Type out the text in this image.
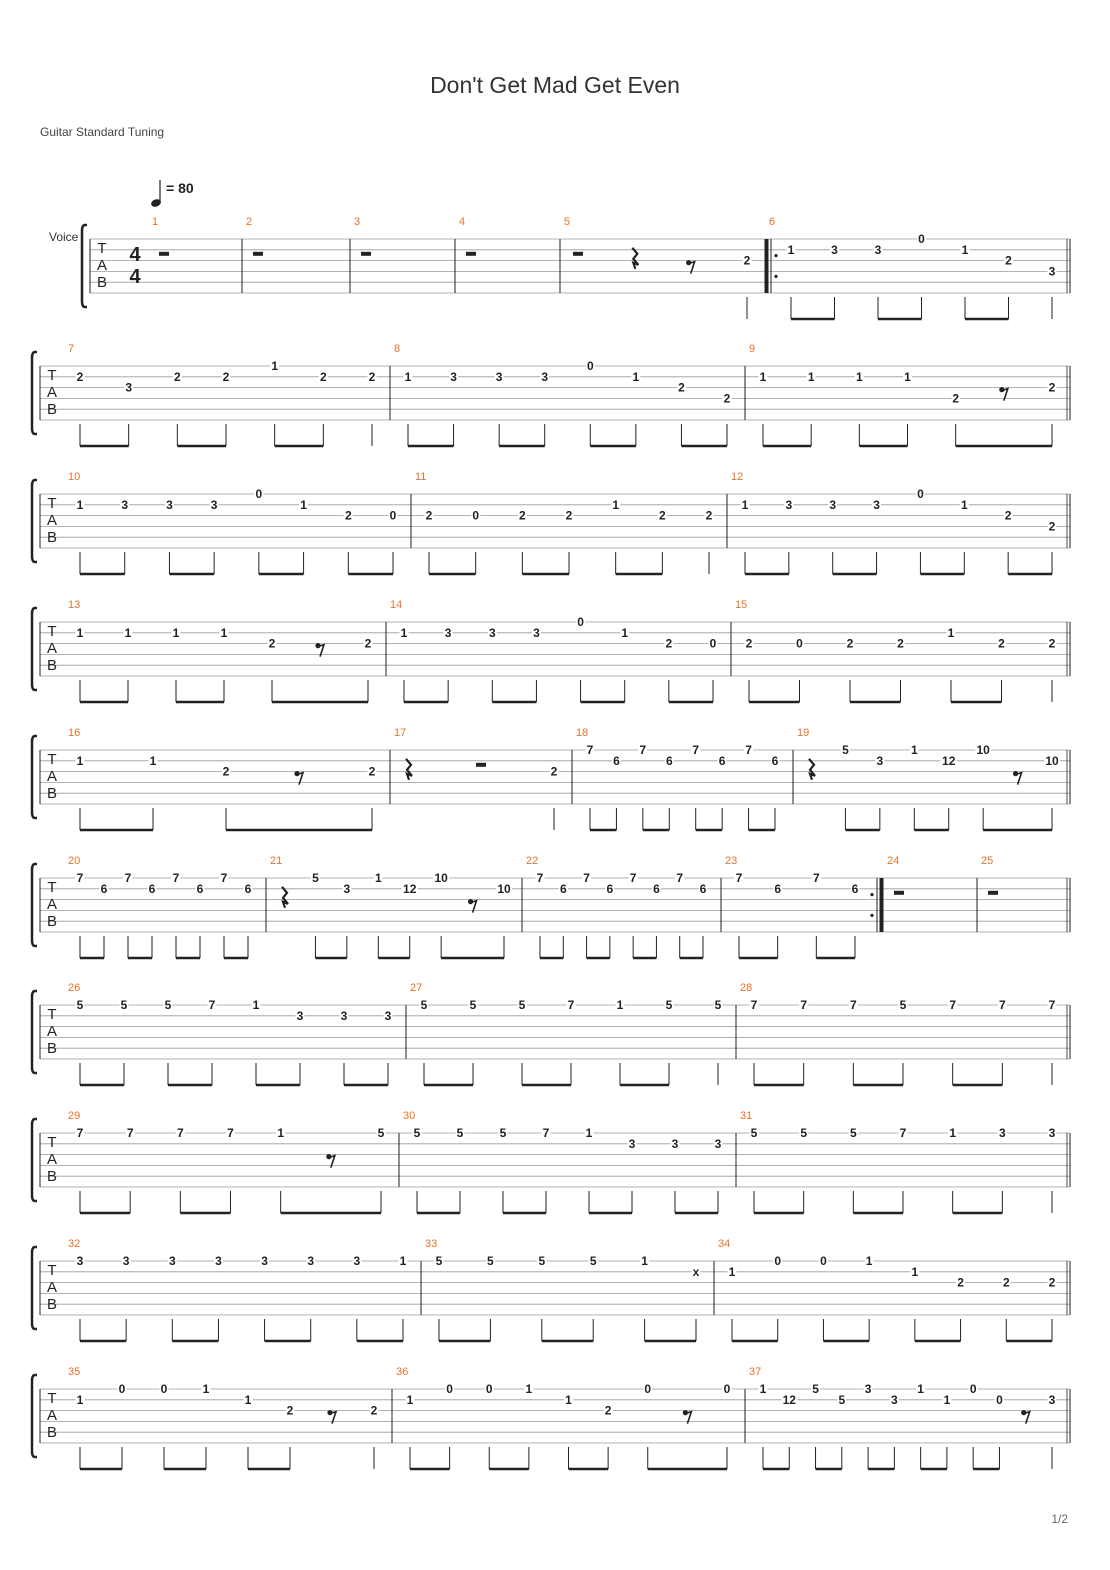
Don't Get Mad Get Even
Guitar Standard Tuning
= 80
Voice
1/2
T
A
B
4
4
1	2	3	4	5
2
6
1	3	3
0
1
2
3
T
A
B
7
2
3
2	2
1
2	2
8
1	3	3	3
0
1
2
2
9
1	1	1	1
2
2
T
A
B
10
1	3	3	3
0
1
2	0
11
2	0	2	2
1
2	2
12
1	3	3	3
0
1
2
2
T
A
B
13
1	1	1	1
2	2
14
1	3	3	3
0
1
2	0
15
2	0	2	2
1
2	2
T
A
B
16
1	1
2	2
17
2
18
7
6
7
6
7
6
7
6
19
5
3
1
12
10
10
T
A
B
20
7
6
7
6
7
6
7
6
21
5
3
1
12
10
10
22
7
6
7
6
7
6
7
6
23
7
6
7
6
24	25
T
A
B
26
5	5	5	7	1
3	3	3
27
5	5	5	7	1	5	5
28
7	7	7	5	7	7	7
T
A
B
29
7	7	7	7	1	5
30
5	5	5	7	1
3	3	3
31
5	5	5	7	1	3	3
T
A
B
32
3	3	3	3	3	3	3	1
33
5	5	5	5	1
x
34
1
0	0	1
1
2	2	2
T
A
B
35
1
0	0	1
1
2	2
36
1
0	0	1
1
2
0	0
37
1
12
5
5
3
3
1
1
0
0	3
